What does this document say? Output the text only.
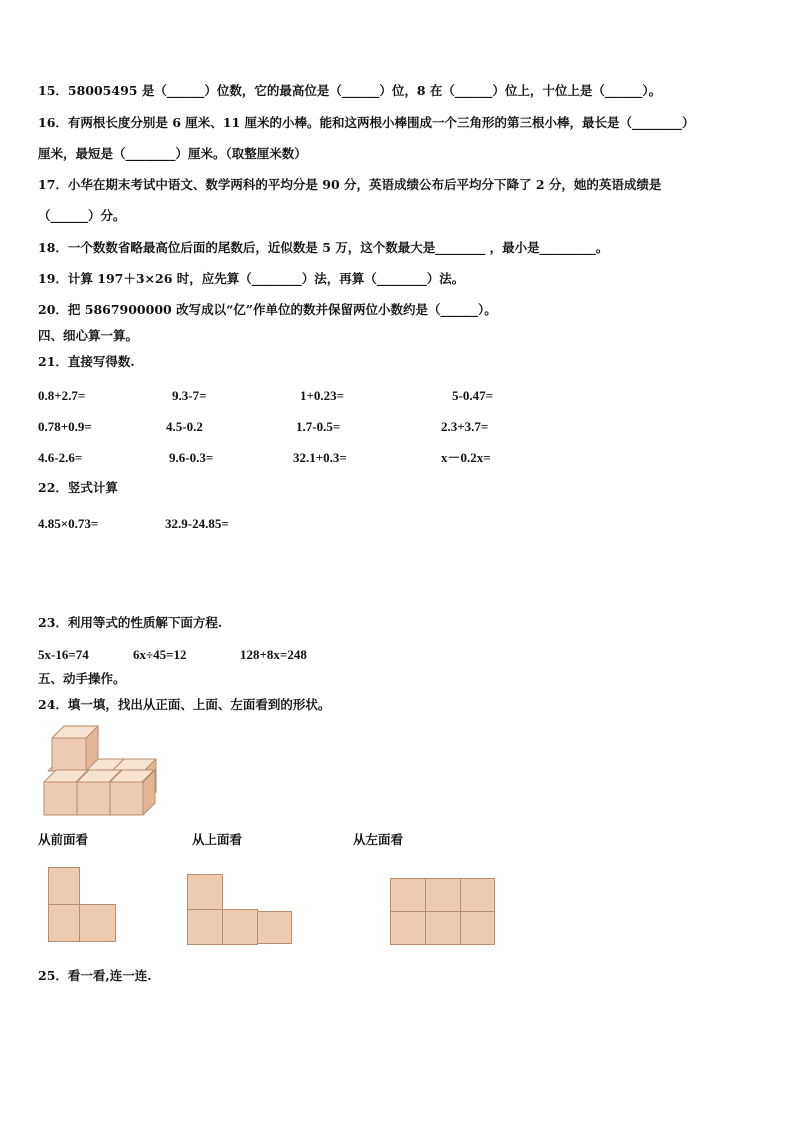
15．58005495 是（______）位数，它的最高位是（______）位，8 在（______）位上，十位上是（______）。
16．有两根长度分别是 6 厘米、11 厘米的小棒。能和这两根小棒围成一个三角形的第三根小棒，最长是（________）
厘米，最短是（________）厘米。（取整厘米数）
17．小华在期末考试中语文、数学两科的平均分是 90 分，英语成绩公布后平均分下降了 2 分，她的英语成绩是
（______）分。
18．一个数数省略最高位后面的尾数后，近似数是 5 万，这个数最大是________ ，最小是_________。
19．计算 197＋3×26 时，应先算（________）法，再算（________）法。
20．把 5867900000 改写成以“亿”作单位的数并保留两位小数约是（______）。
四、细心算一算。
21．直接写得数.
0.8+2.7=	9.3-7=	1+0.23=	5-0.47=
0.78+0.9=	4.5-0.2	1.7-0.5=	2.3+3.7=
4.6-2.6=	9.6-0.3=	32.1+0.3=	x－0.2x=
22．竖式计算
4.85×0.73=	32.9-24.85=
23．利用等式的性质解下面方程.
5x-16=74	6x÷45=12	128+8x=248
五、动手操作。
24．填一填，找出从正面、上面、左面看到的形状。
从前面看	从上面看	从左面看
25．看一看,连一连.
